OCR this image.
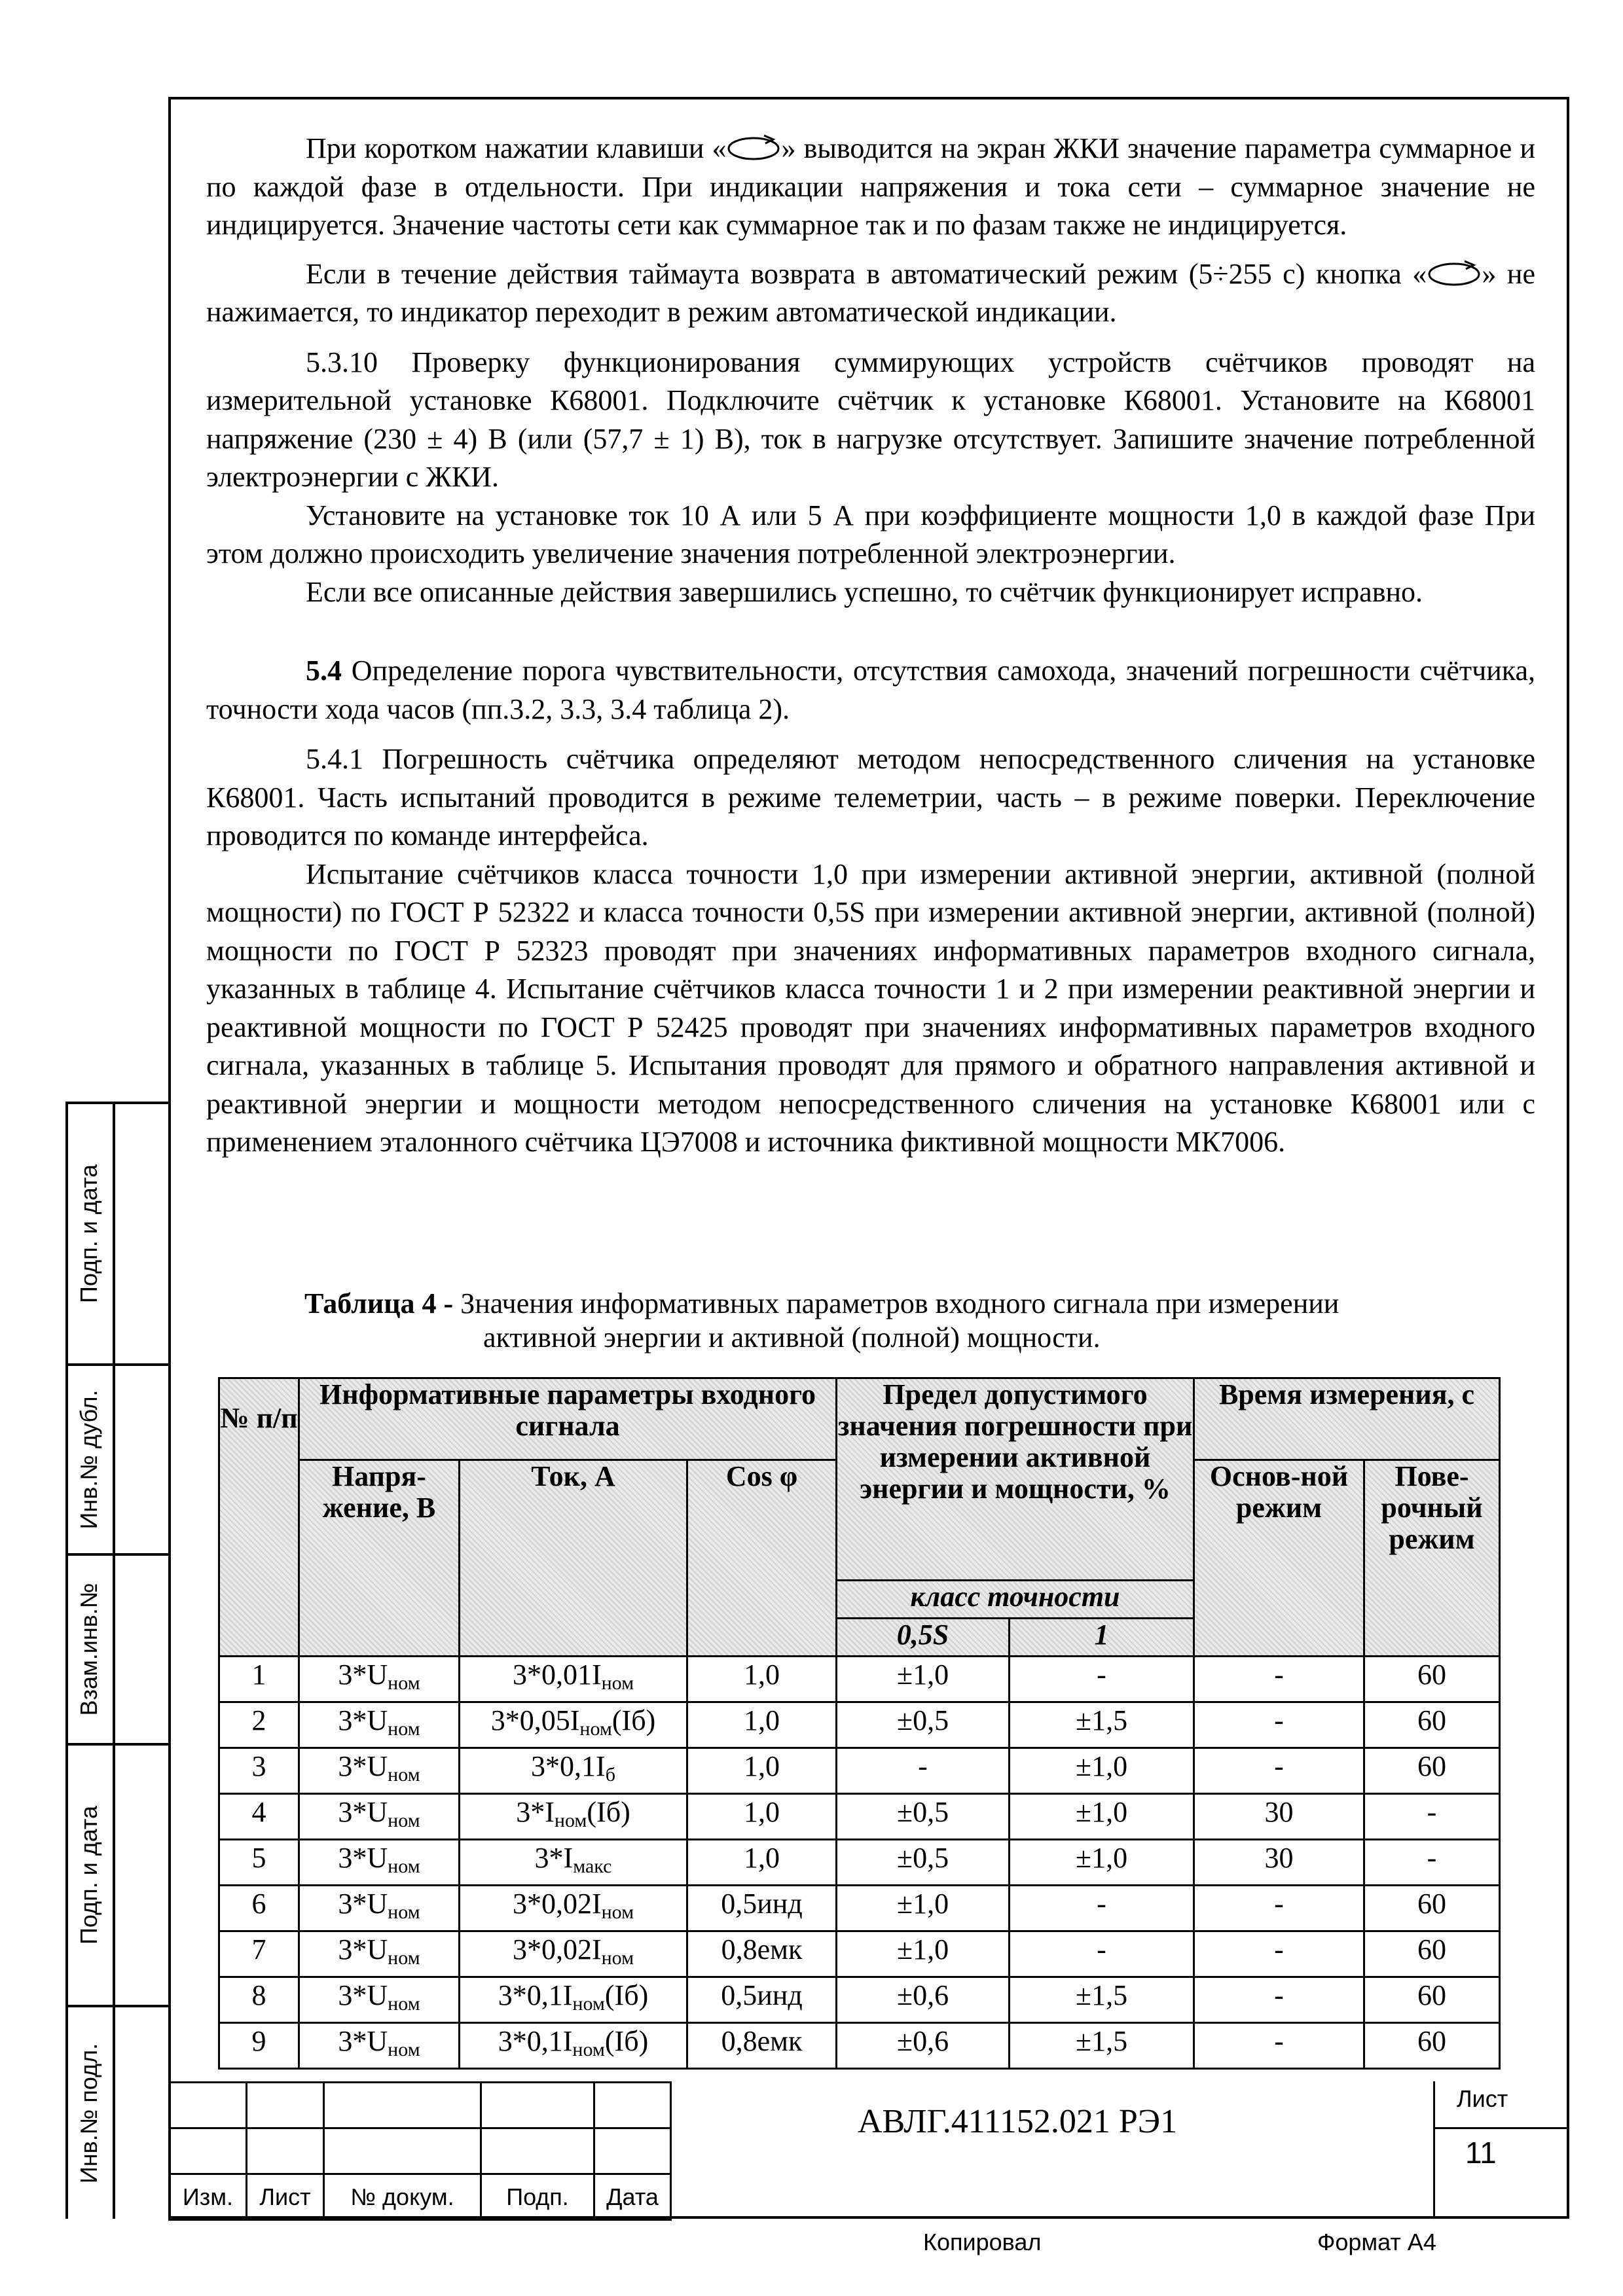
При коротком нажатии клавиши « » выводится на экран ЖКИ значение параметра суммарное и по каждой фазе в отдельности. При индикации напряжения и тока сети – суммарное значение не индицируется. Значение частоты сети как суммарное так и по фазам также не индицируется.

Если в течение действия таймаута возврата в автоматический режим (5÷255 с) кнопка « » не нажимается, то индикатор переходит в режим автоматической индикации.

5.3.10 Проверку функционирования суммирующих устройств счётчиков проводят на измерительной установке К68001. Подключите счётчик к установке К68001. Установите на К68001 напряжение (230 ± 4) В (или (57,7 ± 1) В), ток в нагрузке отсутствует. Запишите значение потребленной электроэнергии с ЖКИ.

Установите на установке ток 10 А или 5 А при коэффициенте мощности 1,0 в каждой фазе При этом должно происходить увеличение значения потребленной электроэнергии.

Если все описанные действия завершились успешно, то счётчик функционирует исправно.

5.4 Определение порога чувствительности, отсутствия самохода, значений погрешности счётчика, точности хода часов (пп.3.2, 3.3, 3.4 таблица 2).

5.4.1 Погрешность счётчика определяют методом непосредственного сличения на установке К68001. Часть испытаний проводится в режиме телеметрии, часть – в режиме поверки. Переключение проводится по команде интерфейса.

Испытание счётчиков класса точности 1,0 при измерении активной энергии, активной (полной мощности) по ГОСТ Р 52322 и класса точности 0,5S при измерении активной энергии, активной (полной) мощности по ГОСТ Р 52323 проводят при значениях информативных параметров входного сигнала, указанных в таблице 4. Испытание счётчиков класса точности 1 и 2 при измерении реактивной энергии и реактивной мощности по ГОСТ Р 52425 проводят при значениях информативных параметров входного сигнала, указанных в таблице 5. Испытания проводят для прямого и обратного направления активной и реактивной энергии и мощности методом непосредственного сличения на установке К68001 или с применением эталонного счётчика ЦЭ7008 и источника фиктивной мощности МК7006.

Таблица 4 - Значения информативных параметров входного сигнала при измерении
активной энергии и активной (полной) мощности.
№ п/п	Информативные параметры входного сигнала			Предел допустимого значения погрешности при измерении активной энергии и мощности, %		Время измерения, с	
	Напря-жение, В	Ток, А	Cos φ			Основ-ной режим	Пове-рочный режим
				класс точности			
				0,5S	1		
1	$3*U_{ном}$	$3*0,01I_{ном}$	1,0	±1,0	-	-	60
2	$3*U_{ном}$	$3*0,05I_{ном}(Iб)$	1,0	±0,5	±1,5	-	60
3	$3*U_{ном}$	$3*0,1I_б$	1,0	-	±1,0	-	60
4	$3*U_{ном}$	$3*I_{ном}(Iб)$	1,0	±0,5	±1,0	30	-
5	$3*U_{ном}$	$3*I_{макс}$	1,0	±0,5	±1,0	30	-
6	$3*U_{ном}$	$3*0,02I_{ном}$	0,5инд	±1,0	-	-	60
7	$3*U_{ном}$	$3*0,02I_{ном}$	0,8емк	±1,0	-	-	60
8	$3*U_{ном}$	$3*0,1I_{ном}(Iб)$	0,5инд	±0,6	±1,5	-	60
9	$3*U_{ном}$	$3*0,1I_{ном}(Iб)$	0,8емк	±0,6	±1,5	-	60
Подп. и дата
Инв.№ дубл.
Взам.инв.№
Подп. и дата
Инв.№ подл.

Изм.	Лист	№ докум.	Подп.	Дата
АВЛГ.411152.021 РЭ1
Лист
11
Копировал	Формат А4
